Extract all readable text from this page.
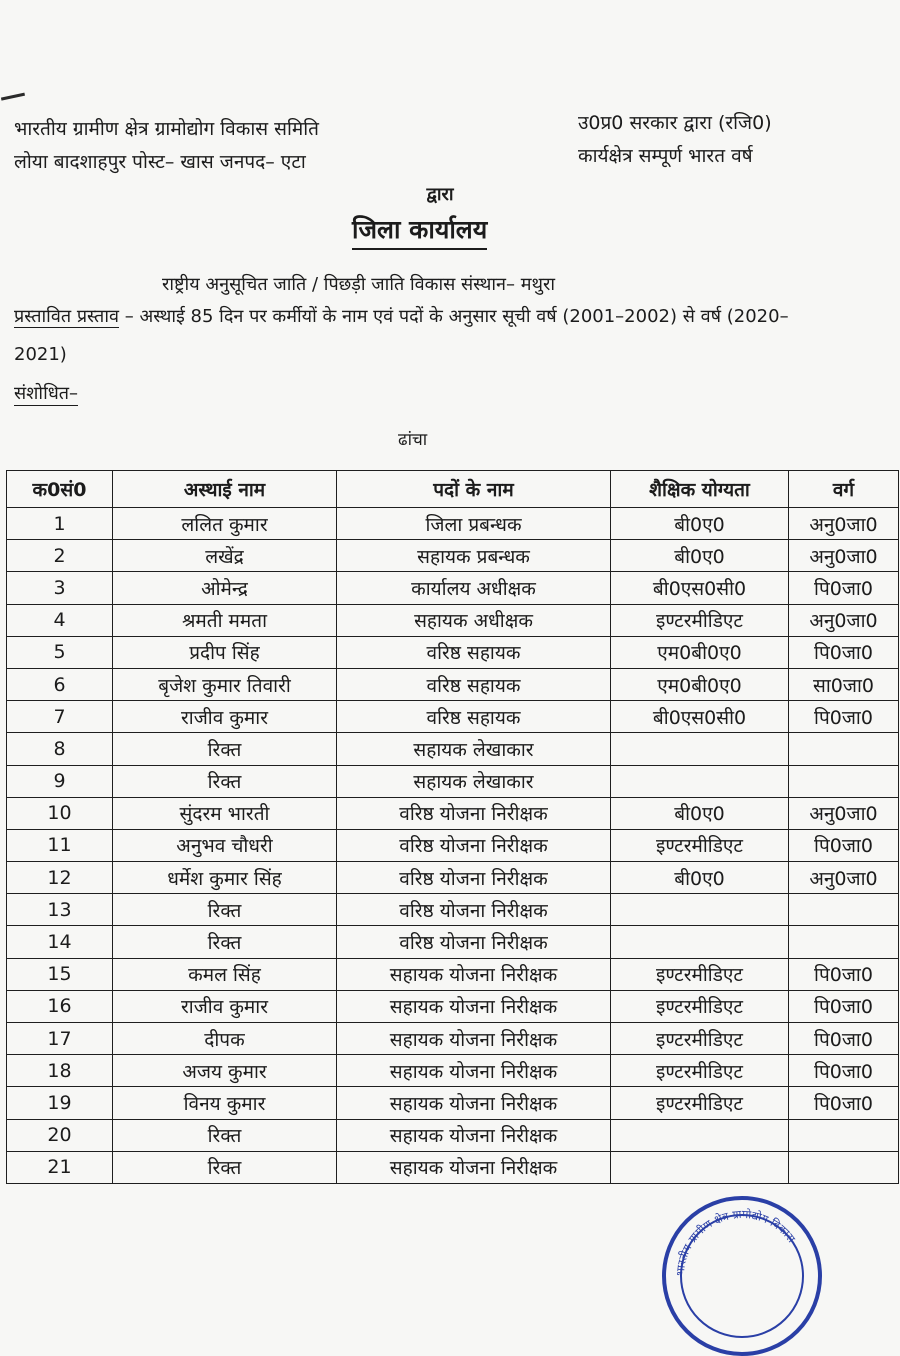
भारतीय ग्रामीण क्षेत्र ग्रामोद्योग विकास समिति
लोया बादशाहपुर पोस्ट– खास जनपद– एटा
उ0प्र0 सरकार द्वारा (रजि0)
कार्यक्षेत्र सम्पूर्ण भारत वर्ष
द्वारा
जिला कार्यालय
राष्ट्रीय अनुसूचित जाति / पिछड़ी जाति विकास संस्थान– मथुरा
प्रस्तावित प्रस्ताव – अस्थाई 85 दिन पर कर्मीयों के नाम एवं पदों के अनुसार सूची वर्ष (2001–2002) से वर्ष (2020–2021)
संशोधित–
ढांचा
क0सं0	अस्थाई नाम	पदों के नाम	शैक्षिक योग्यता	वर्ग
1	ललित कुमार	जिला प्रबन्धक	बी0ए0	अनु0जा0
2	लखेंद्र	सहायक प्रबन्धक	बी0ए0	अनु0जा0
3	ओमेन्द्र	कार्यालय अधीक्षक	बी0एस0सी0	पि0जा0
4	श्रमती ममता	सहायक अधीक्षक	इण्टरमीडिएट	अनु0जा0
5	प्रदीप सिंह	वरिष्ठ सहायक	एम0बी0ए0	पि0जा0
6	बृजेश कुमार तिवारी	वरिष्ठ सहायक	एम0बी0ए0	सा0जा0
7	राजीव कुमार	वरिष्ठ सहायक	बी0एस0सी0	पि0जा0
8	रिक्त	सहायक लेखाकार		
9	रिक्त	सहायक लेखाकार		
10	सुंदरम भारती	वरिष्ठ योजना निरीक्षक	बी0ए0	अनु0जा0
11	अनुभव चौधरी	वरिष्ठ योजना निरीक्षक	इण्टरमीडिएट	पि0जा0
12	धर्मेश कुमार सिंह	वरिष्ठ योजना निरीक्षक	बी0ए0	अनु0जा0
13	रिक्त	वरिष्ठ योजना निरीक्षक		
14	रिक्त	वरिष्ठ योजना निरीक्षक		
15	कमल सिंह	सहायक योजना निरीक्षक	इण्टरमीडिएट	पि0जा0
16	राजीव कुमार	सहायक योजना निरीक्षक	इण्टरमीडिएट	पि0जा0
17	दीपक	सहायक योजना निरीक्षक	इण्टरमीडिएट	पि0जा0
18	अजय कुमार	सहायक योजना निरीक्षक	इण्टरमीडिएट	पि0जा0
19	विनय कुमार	सहायक योजना निरीक्षक	इण्टरमीडिएट	पि0जा0
20	रिक्त	सहायक योजना निरीक्षक		
21	रिक्त	सहायक योजना निरीक्षक		
भारतीय ग्रामीण क्षेत्र ग्रामोद्योग विकास
